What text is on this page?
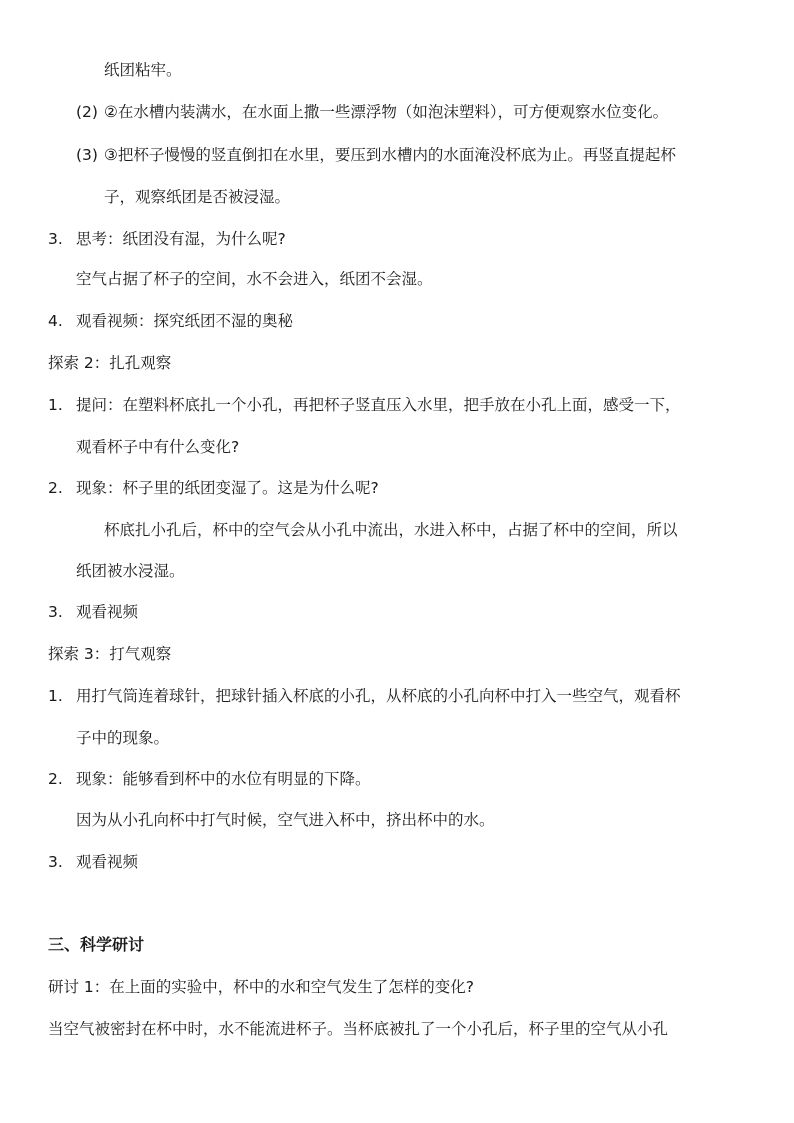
纸团粘牢。
(2) ②在水槽内装满水，在水面上撒一些漂浮物（如泡沫塑料），可方便观察水位变化。
(3) ③把杯子慢慢的竖直倒扣在水里，要压到水槽内的水面淹没杯底为止。再竖直提起杯
子，观察纸团是否被浸湿。
3. 思考：纸团没有湿，为什么呢?
空气占据了杯子的空间，水不会进入，纸团不会湿。
4. 观看视频：探究纸团不湿的奥秘
探索 2：扎孔观察
1. 提问：在塑料杯底扎一个小孔，再把杯子竖直压入水里，把手放在小孔上面，感受一下，
观看杯子中有什么变化?
2. 现象：杯子里的纸团变湿了。这是为什么呢?
杯底扎小孔后，杯中的空气会从小孔中流出，水进入杯中，占据了杯中的空间，所以
纸团被水浸湿。
3. 观看视频
探索 3：打气观察
1. 用打气筒连着球针，把球针插入杯底的小孔，从杯底的小孔向杯中打入一些空气，观看杯
子中的现象。
2. 现象：能够看到杯中的水位有明显的下降。
因为从小孔向杯中打气时候，空气进入杯中，挤出杯中的水。
3. 观看视频
三、科学研讨
研讨 1：在上面的实验中，杯中的水和空气发生了怎样的变化?
当空气被密封在杯中时，水不能流进杯子。当杯底被扎了一个小孔后，杯子里的空气从小孔
